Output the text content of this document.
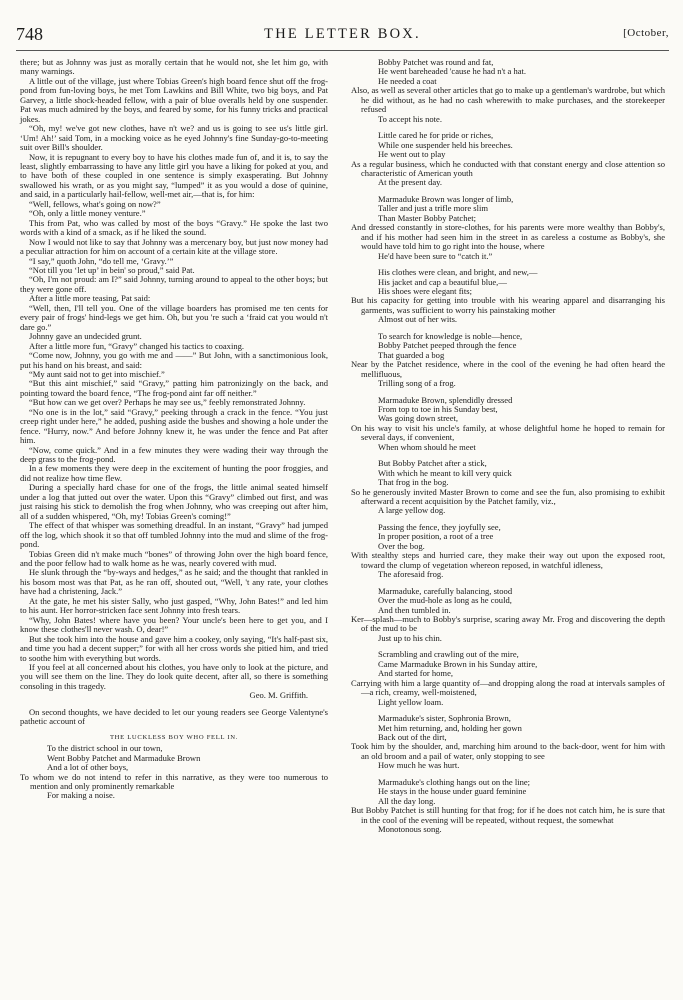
748	THE LETTER BOX.	[October,

there; but as Johnny was just as morally certain that he would not, she let him go, with many warnings.

A little out of the village, just where Tobias Green's high board fence shut off the frog-pond from fun-loving boys, he met Tom Lawkins and Bill White, two big boys, and Pat Garvey, a little shock-headed fellow, with a pair of blue overalls held by one suspender. Pat was much admired by the boys, and feared by some, for his funny tricks and practical jokes.

“Oh, my! we've got new clothes, have n't we? and us is going to see us's little girl. ‘Um! Ah!’ said Tom, in a mocking voice as he eyed Johnny's fine Sunday-go-to-meeting suit over Bill's shoulder.

Now, it is repugnant to every boy to have his clothes made fun of, and it is, to say the least, slightly embarrassing to have any little girl you have a liking for poked at you, and to have both of these coupled in one sentence is simply exasperating. But Johnny swallowed his wrath, or as you might say, “lumped” it as you would a dose of quinine, and said, in a particularly hail-fellow, well-met air,—that is, for him:

“Well, fellows, what's going on now?”

“Oh, only a little money venture.”

This from Pat, who was called by most of the boys “Gravy.” He spoke the last two words with a kind of a smack, as if he liked the sound.

Now I would not like to say that Johnny was a mercenary boy, but just now money had a peculiar attraction for him on account of a certain kite at the village store.

“I say,” quoth John, “do tell me, ‘Gravy.’”

“Not till you ‘let up’ in bein' so proud,” said Pat.

“Oh, I'm not proud: am I?” said Johnny, turning around to appeal to the other boys; but they were gone off.

After a little more teasing, Pat said:

“Well, then, I'll tell you. One of the village boarders has promised me ten cents for every pair of frogs' hind-legs we get him. Oh, but you 're such a ‘fraid cat you would n't dare go.”

Johnny gave an undecided grunt.

After a little more fun, “Gravy” changed his tactics to coaxing.

“Come now, Johnny, you go with me and ——” But John, with a sanctimonious look, put his hand on his breast, and said:

“My aunt said not to get into mischief.”

“But this aint mischief,” said “Gravy,” patting him patronizingly on the back, and pointing toward the board fence, “The frog-pond aint far off neither.”

“But how can we get over? Perhaps he may see us,” feebly remonstrated Johnny.

“No one is in the lot,” said “Gravy,” peeking through a crack in the fence. “You just creep right under here,” he added, pushing aside the bushes and showing a hole under the fence. “Hurry, now.” And before Johnny knew it, he was under the fence and Pat after him.

“Now, come quick.” And in a few minutes they were wading their way through the deep grass to the frog-pond.

In a few moments they were deep in the excitement of hunting the poor froggies, and did not realize how time flew.

During a specially hard chase for one of the frogs, the little animal seated himself under a log that jutted out over the water. Upon this “Gravy” climbed out first, and was just raising his stick to demolish the frog when Johnny, who was creeping out after him, all of a sudden whispered, “Oh, my! Tobias Green's coming!”

The effect of that whisper was something dreadful. In an instant, “Gravy” had jumped off the log, which shook it so that off tumbled Johnny into the mud and slime of the frog-pond.

Tobias Green did n't make much “bones” of throwing John over the high board fence, and the poor fellow had to walk home as he was, nearly covered with mud.

He slunk through the “by-ways and hedges,” as he said; and the thought that rankled in his bosom most was that Pat, as he ran off, shouted out, “Well, 't any rate, your clothes have had a christening, Jack.”

At the gate, he met his sister Sally, who just gasped, “Why, John Bates!” and led him to his aunt. Her horror-stricken face sent Johnny into fresh tears.

“Why, John Bates! where have you been? Your uncle's been here to get you, and I know these clothes'll never wash. O, dear!”

But she took him into the house and gave him a cookey, only saying, “It's half-past six, and time you had a decent supper;” for with all her cross words she pitied him, and tried to soothe him with everything but words.

If you feel at all concerned about his clothes, you have only to look at the picture, and you will see them on the line. They do look quite decent, after all, so there is something consoling in this tragedy.

Geo. M. Griffith.

On second thoughts, we have decided to let our young readers see George Valentyne's pathetic account of

THE LUCKLESS BOY WHO FELL IN.

To the district school in our town,

Went Bobby Patchet and Marmaduke Brown

And a lot of other boys,

To whom we do not intend to refer in this narrative, as they were too numerous to mention and only prominently remarkable

For making a noise.

Bobby Patchet was round and fat,

He went bareheaded 'cause he had n't a hat.

He needed a coat

Also, as well as several other articles that go to make up a gentleman's wardrobe, but which he did without, as he had no cash wherewith to make purchases, and the storekeeper refused

To accept his note.

Little cared he for pride or riches,

While one suspender held his breeches.

He went out to play

As a regular business, which he conducted with that constant energy and close attention so characteristic of American youth

At the present day.

Marmaduke Brown was longer of limb,

Taller and just a trifle more slim

Than Master Bobby Patchet;

And dressed constantly in store-clothes, for his parents were more wealthy than Bobby's, and if his mother had seen him in the street in as careless a costume as Bobby's, she would have told him to go right into the house, where

He'd have been sure to “catch it.”

His clothes were clean, and bright, and new,—

His jacket and cap a beautiful blue,—

His shoes were elegant fits;

But his capacity for getting into trouble with his wearing apparel and disarranging his garments, was sufficient to worry his painstaking mother

Almost out of her wits.

To search for knowledge is noble—hence,

Bobby Patchet peeped through the fence

That guarded a bog

Near by the Patchet residence, where in the cool of the evening he had often heard the mellifluous,

Trilling song of a frog.

Marmaduke Brown, splendidly dressed

From top to toe in his Sunday best,

Was going down street,

On his way to visit his uncle's family, at whose delightful home he hoped to remain for several days, if convenient,

When whom should he meet

But Bobby Patchet after a stick,

With which he meant to kill very quick

That frog in the bog.

So he generously invited Master Brown to come and see the fun, also promising to exhibit afterward a recent acquisition by the Patchet family, viz.,

A large yellow dog.

Passing the fence, they joyfully see,

In proper position, a root of a tree

Over the bog.

With stealthy steps and hurried care, they make their way out upon the exposed root, toward the clump of vegetation whereon reposed, in watchful idleness,

The aforesaid frog.

Marmaduke, carefully balancing, stood

Over the mud-hole as long as he could,

And then tumbled in.

Ker—splash—much to Bobby's surprise, scaring away Mr. Frog and discovering the depth of the mud to be

Just up to his chin.

Scrambling and crawling out of the mire,

Came Marmaduke Brown in his Sunday attire,

And started for home,

Carrying with him a large quantity of—and dropping along the road at intervals samples of—a rich, creamy, well-moistened,

Light yellow loam.

Marmaduke's sister, Sophronia Brown,

Met him returning, and, holding her gown

Back out of the dirt,

Took him by the shoulder, and, marching him around to the back-door, went for him with an old broom and a pail of water, only stopping to see

How much he was hurt.

Marmaduke's clothing hangs out on the line;

He stays in the house under guard feminine

All the day long.

But Bobby Patchet is still hunting for that frog; for if he does not catch him, he is sure that in the cool of the evening will be repeated, without request, the somewhat

Monotonous song.
